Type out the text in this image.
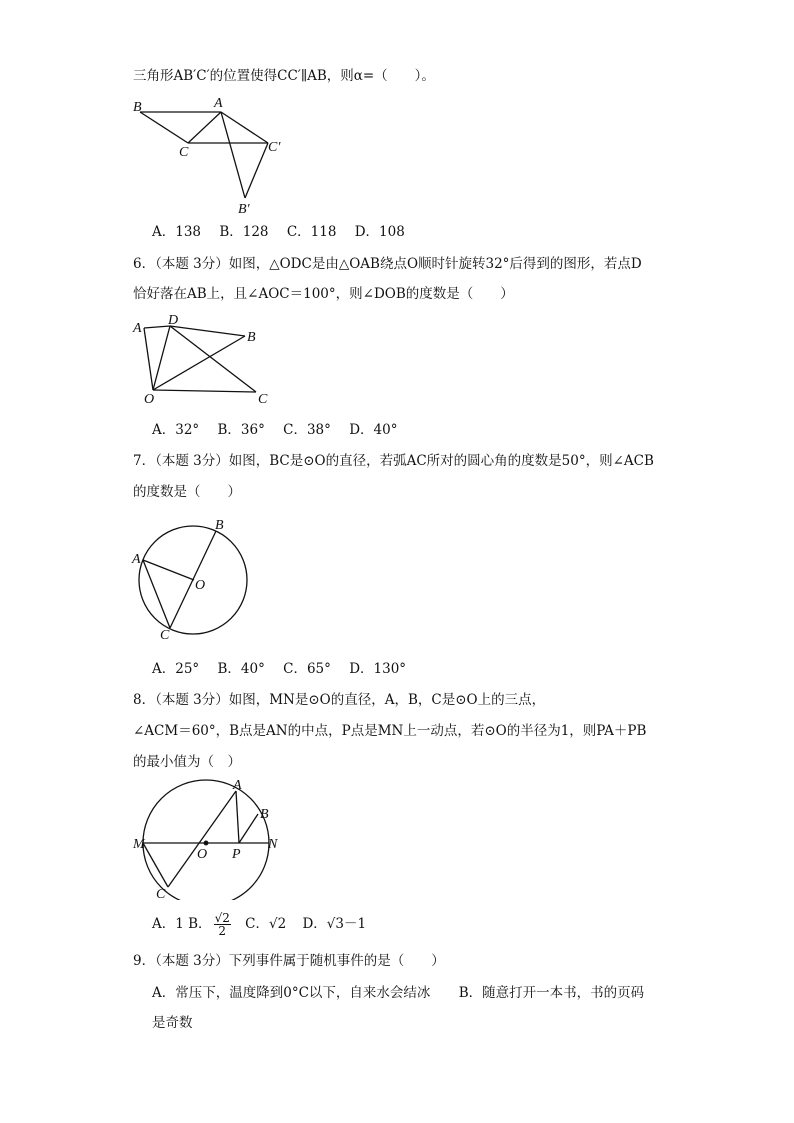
三角形AB′C′的位置使得CC′∥AB，则α=（　　）。
B	A
C	C′
B′
A．138 B．128 C．118 D．108
6．（本题 3分）如图，△ODC是由△OAB绕点O顺时针旋转32°后得到的图形，若点D
恰好落在AB上，且∠AOC＝100°，则∠DOB的度数是（　　）
A
D
B
O	C
A．32° B．36° C．38° D．40°
7．（本题 3分）如图，BC是⊙O的直径，若弧AC所对的圆心角的度数是50°，则∠ACB
的度数是（　　）
B
A
O
C
A．25° B．40° C．65° D．130°
8．（本题 3分）如图，MN是⊙O的直径，A，B，C是⊙O上的三点，
∠ACM＝60°，B点是AN的中点，P点是MN上一动点，若⊙O的半径为1，则PA＋PB
的最小值为（　）
A
B
M
O P
N
C
A．1 B． $\frac{√2}{2}$ C．√2 D．√3－1
9．（本题 3分）下列事件属于随机事件的是（　　）
A．常压下，温度降到0°C以下，自来水会结冰 B．随意打开一本书，书的页码
是奇数
